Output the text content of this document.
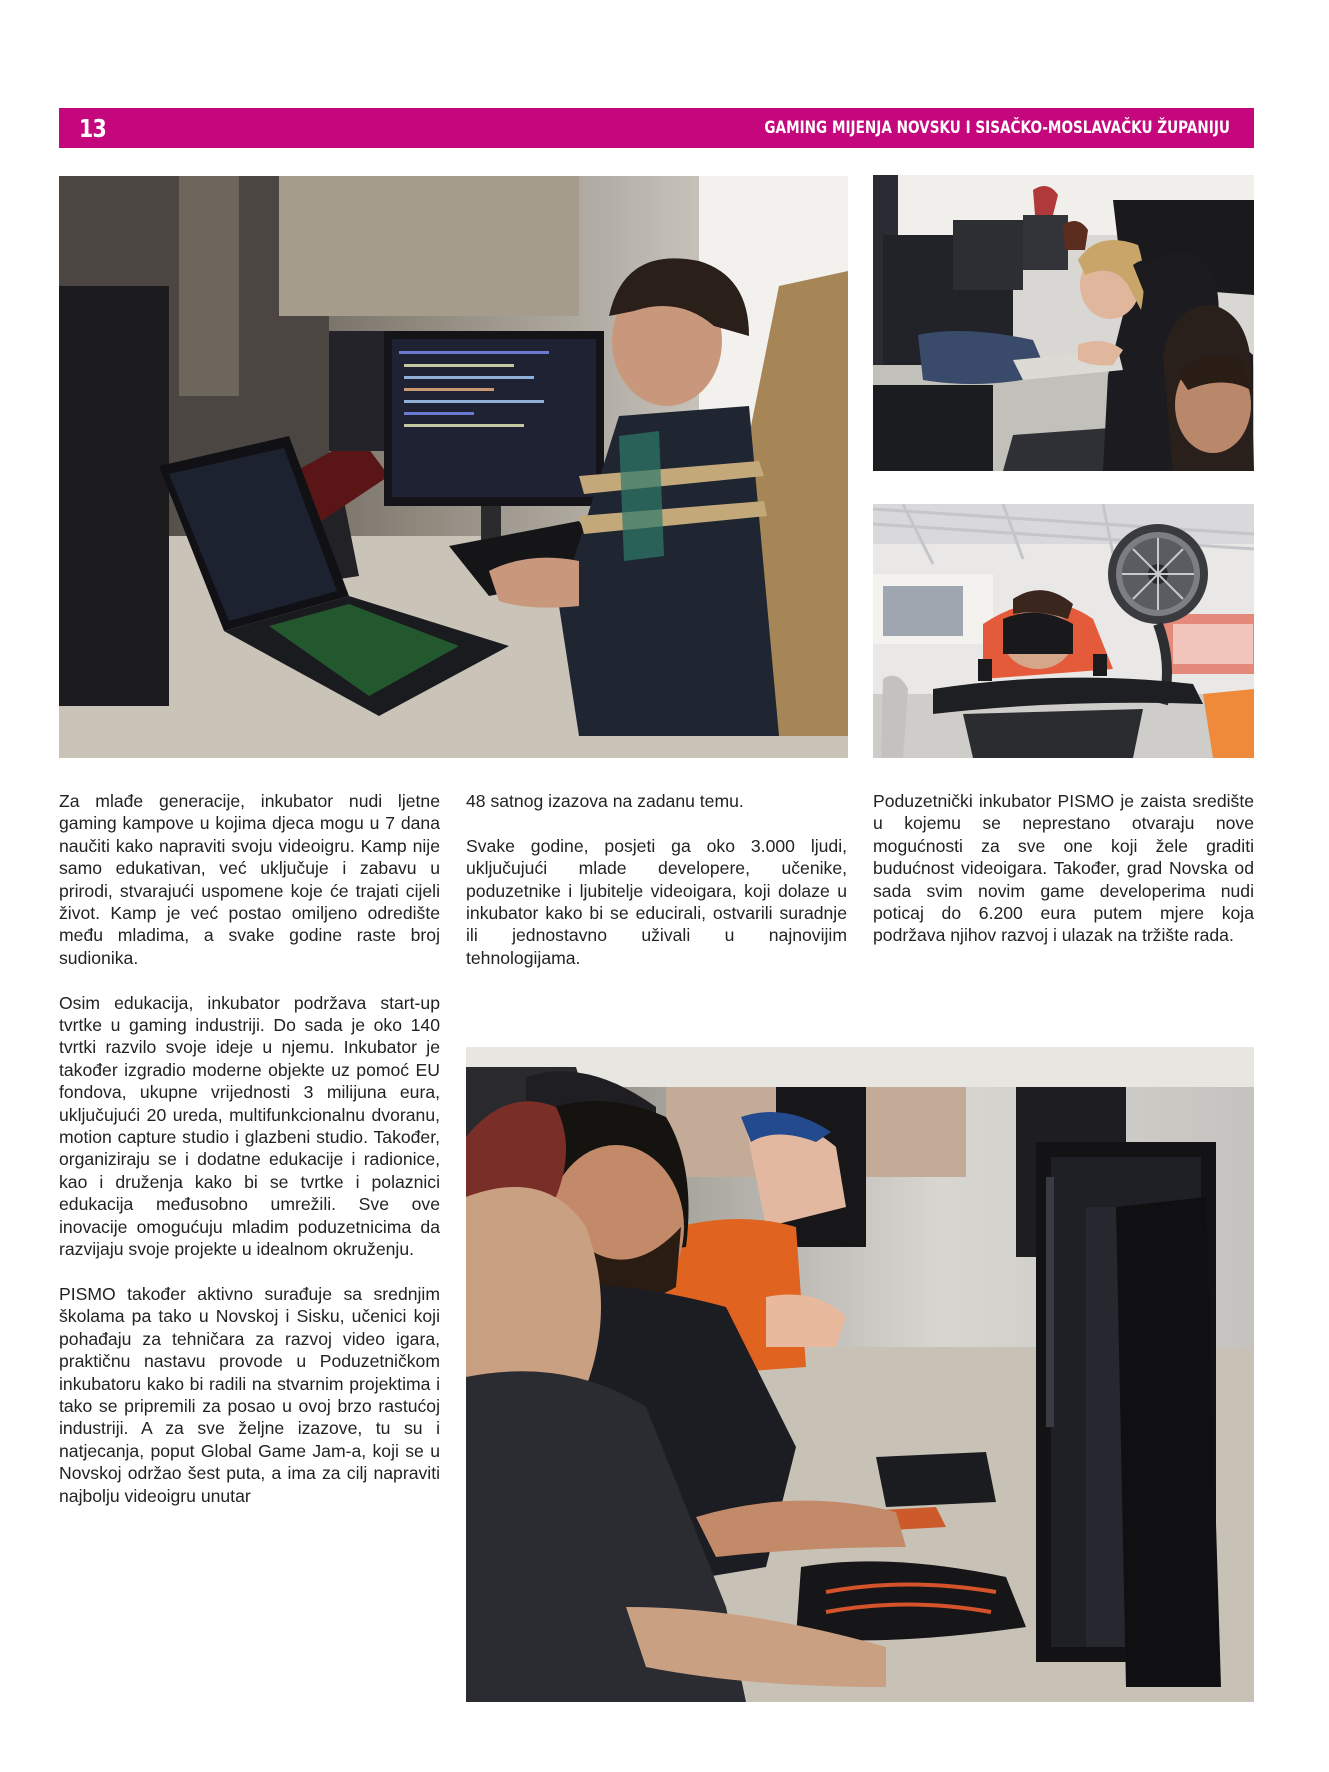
13	GAMING MIJENJA NOVSKU I SISAČKO-MOSLAVAČKU ŽUPANIJU

Za mlađe generacije, inkubator nudi ljetne gaming kampove u kojima djeca mogu u 7 dana naučiti kako napraviti svoju videoigru. Kamp nije samo edukativan, već uključuje i zabavu u prirodi, stvarajući uspomene koje će trajati cijeli život. Kamp je već postao omiljeno odredište među mladima, a svake godine raste broj sudionika.

Osim edukacija, inkubator podržava start-up tvrtke u gaming industriji. Do sada je oko 140 tvrtki razvilo svoje ideje u njemu. Inkubator je također izgradio moderne objekte uz pomoć EU fondova, ukupne vrijednosti 3 milijuna eura, uključujući 20 ureda, multifunkcionalnu dvoranu, motion capture studio i glazbeni studio. Također, organiziraju se i dodatne edukacije i radionice, kao i druženja kako bi se tvrtke i polaznici edukacija međusobno umrežili. Sve ove inovacije omogućuju mladim poduzetnicima da razvijaju svoje projekte u idealnom okruženju.

PISMO također aktivno surađuje sa srednjim školama pa tako u Novskoj i Sisku, učenici koji pohađaju za tehničara za razvoj video igara, praktičnu nastavu provode u Poduzetničkom inkubatoru kako bi radili na stvarnim projektima i tako se pripremili za posao u ovoj brzo rastućoj industriji. A za sve željne izazove, tu su i natjecanja, poput Global Game Jam-a, koji se u Novskoj održao šest puta, a ima za cilj napraviti najbolju videoigru unutar

48 satnog izazova na zadanu temu.

Svake godine, posjeti ga oko 3.000 ljudi, uključujući mlade developere, učenike, poduzetnike i ljubitelje videoigara, koji dolaze u inkubator kako bi se educirali, ostvarili suradnje ili jednostavno uživali u najnovijim tehnologijama.

Poduzetnički inkubator PISMO je zaista središte u kojemu se neprestano otvaraju nove mogućnosti za sve one koji žele graditi budućnost videoigara. Također, grad Novska od sada svim novim game developerima nudi poticaj do 6.200 eura putem mjere koja podržava njihov razvoj i ulazak na tržište rada.
